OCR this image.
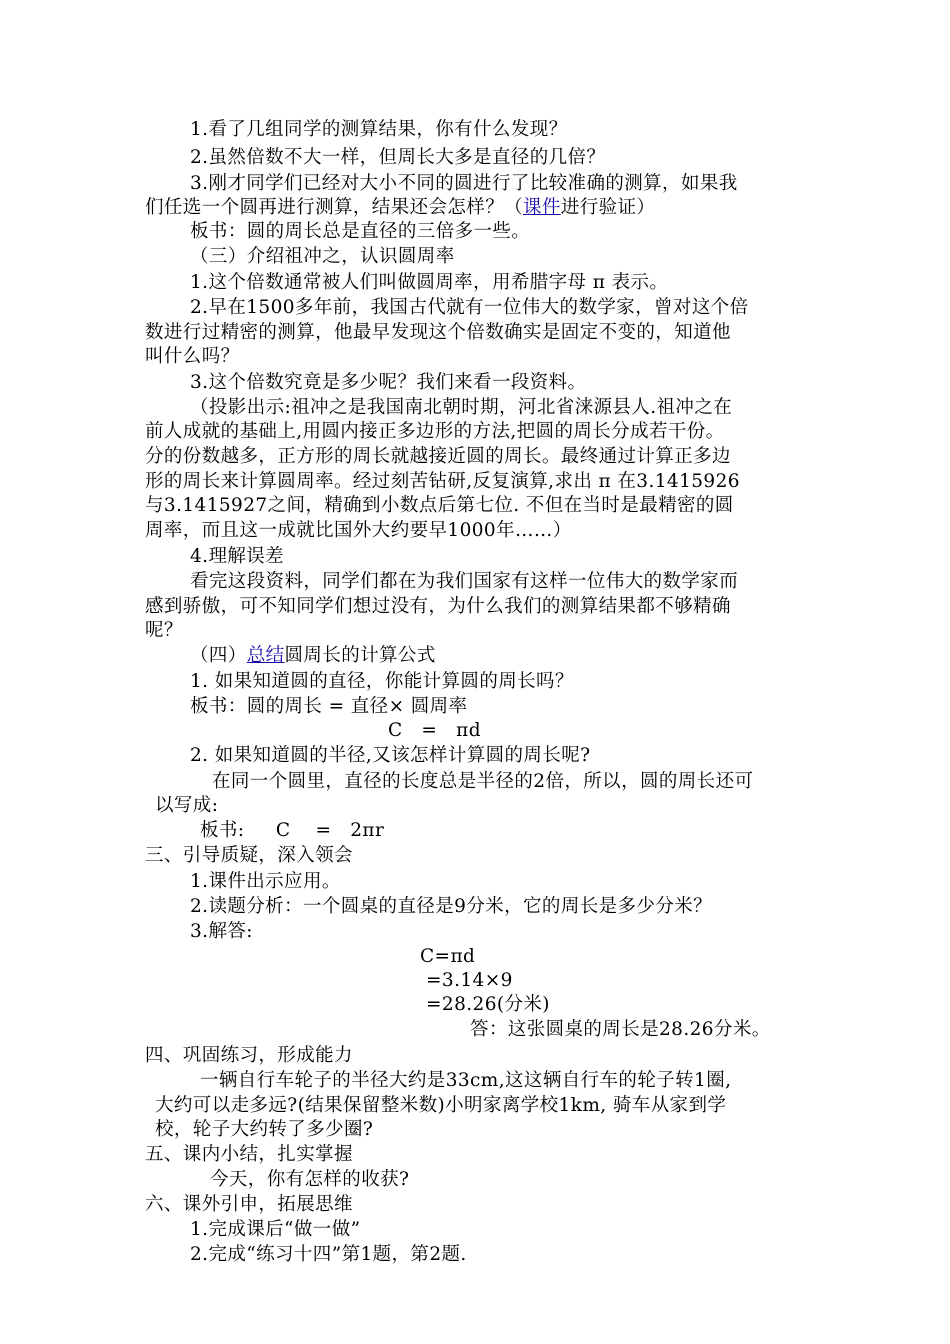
1.看了几组同学的测算结果，你有什么发现？
2.虽然倍数不大一样，但周长大多是直径的几倍？
3.刚才同学们已经对大小不同的圆进行了比较准确的测算，如果我
们任选一个圆再进行测算，结果还会怎样？（课件进行验证）
板书：圆的周长总是直径的三倍多一些。
（三）介绍祖冲之，认识圆周率
1.这个倍数通常被人们叫做圆周率，用希腊字母 π 表示。
2.早在1500多年前，我国古代就有一位伟大的数学家，曾对这个倍
数进行过精密的测算，他最早发现这个倍数确实是固定不变的，知道他
叫什么吗？
3.这个倍数究竟是多少呢？我们来看一段资料。
（投影出示:祖冲之是我国南北朝时期，河北省涞源县人.祖冲之在
前人成就的基础上,用圆内接正多边形的方法,把圆的周长分成若干份。
分的份数越多，正方形的周长就越接近圆的周长。最终通过计算正多边
形的周长来计算圆周率。经过刻苦钻研,反复演算,求出 π 在3.1415926
与3.1415927之间，精确到小数点后第七位. 不但在当时是最精密的圆
周率，而且这一成就比国外大约要早1000年……）
4.理解误差
看完这段资料，同学们都在为我们国家有这样一位伟大的数学家而
感到骄傲，可不知同学们想过没有，为什么我们的测算结果都不够精确
呢？
（四）总结圆周长的计算公式
1. 如果知道圆的直径，你能计算圆的周长吗？
板书：圆的周长 = 直径× 圆周率
C   =   πd
2. 如果知道圆的半径,又该怎样计算圆的周长呢?
在同一个圆里，直径的长度总是半径的2倍，所以，圆的周长还可
以写成:
板书:     C    =   2πr
三、引导质疑，深入领会
1.课件出示应用。
2.读题分析：一个圆桌的直径是9分米，它的周长是多少分米？
3.解答:
C=πd
=3.14×9
=28.26(分米)
答：这张圆桌的周长是28.26分米。
四、巩固练习，形成能力
一辆自行车轮子的半径大约是33cm,这这辆自行车的轮子转1圈,
大约可以走多远?(结果保留整米数)小明家离学校1km, 骑车从家到学
校，轮子大约转了多少圈?
五、课内小结，扎实掌握
今天，你有怎样的收获?
六、课外引申，拓展思维
1.完成课后“做一做”
2.完成“练习十四”第1题，第2题.
